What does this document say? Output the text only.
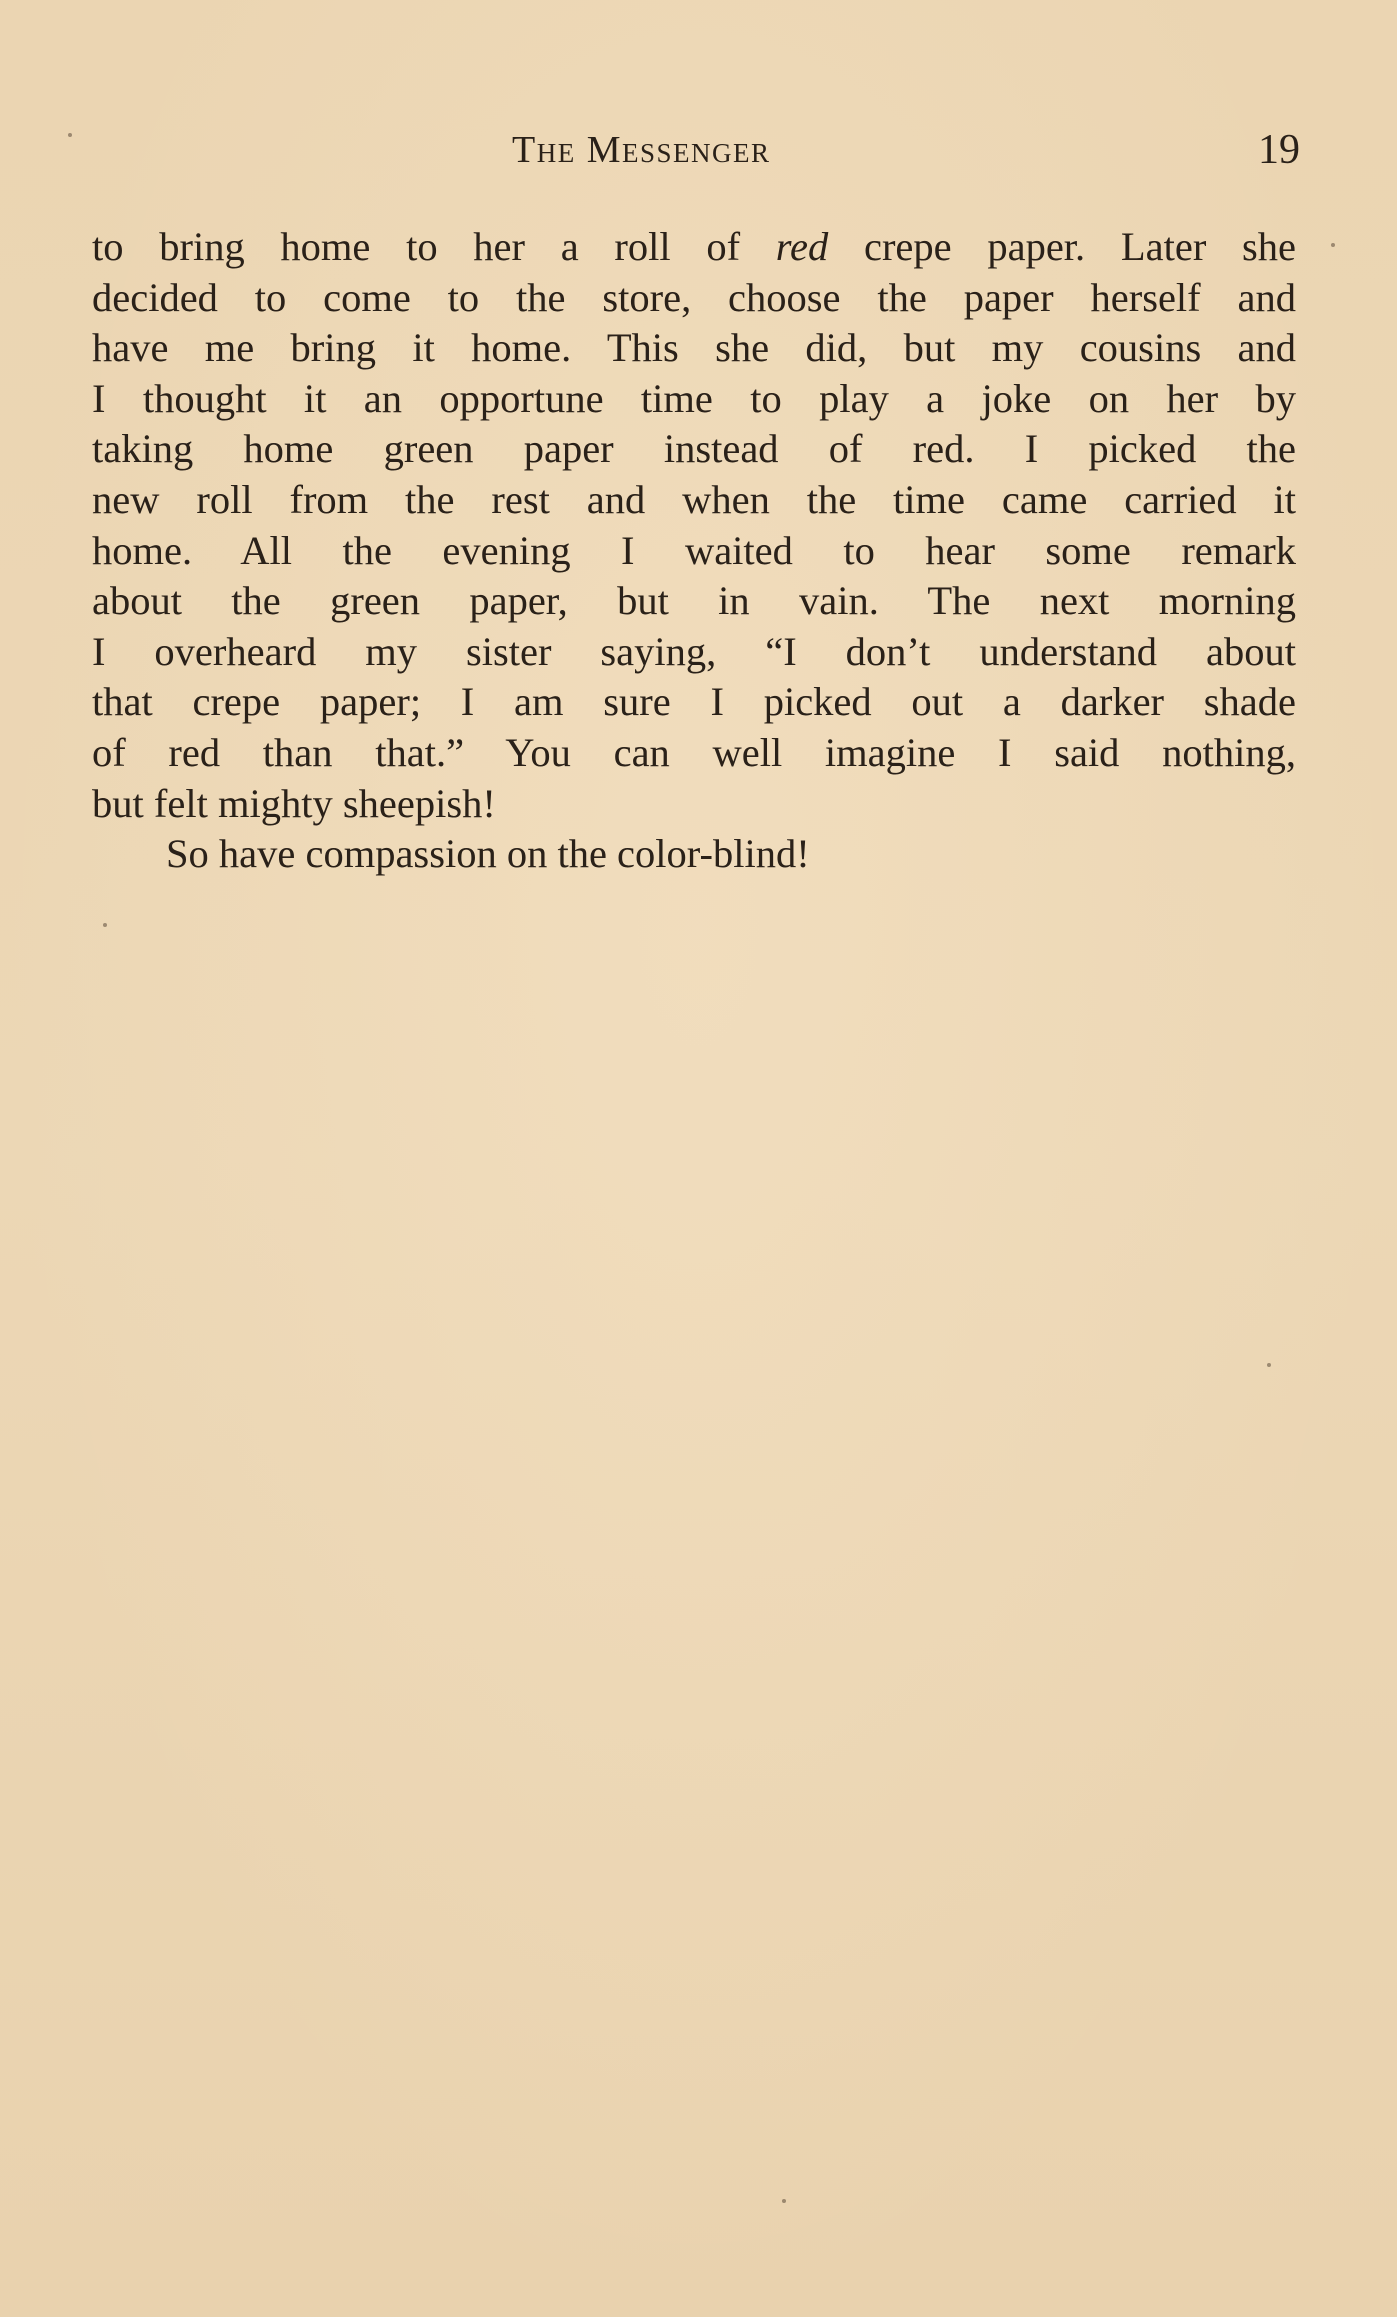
The Messenger	19
to bring home to her a roll of red crepe paper. Later she
decided to come to the store, choose the paper herself and
have me bring it home. This she did, but my cousins and
I thought it an opportune time to play a joke on her by
taking home green paper instead of red. I picked the
new roll from the rest and when the time came carried it
home. All the evening I waited to hear some remark
about the green paper, but in vain. The next morning
I overheard my sister saying, “I don’t understand about
that crepe paper; I am sure I picked out a darker shade
of red than that.” You can well imagine I said nothing,
but felt mighty sheepish!
So have compassion on the color-blind!
